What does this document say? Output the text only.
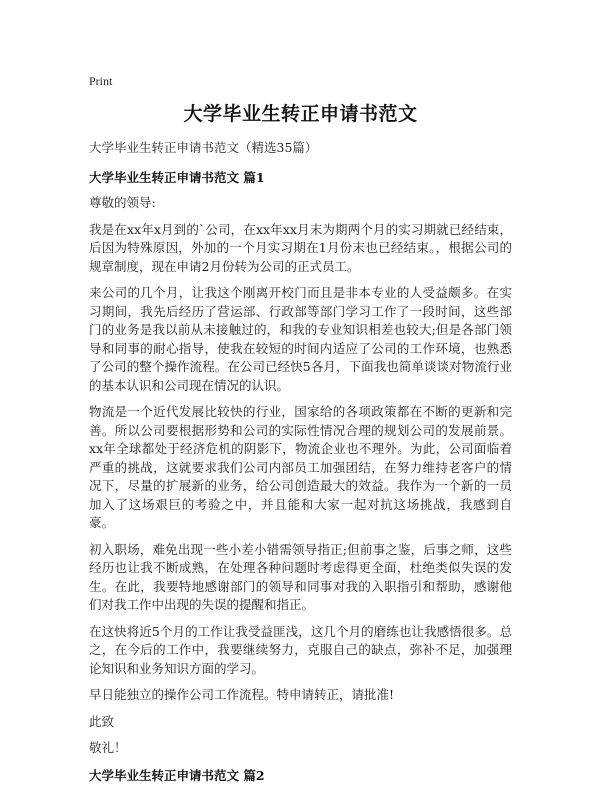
Print
大学毕业生转正申请书范文

大学毕业生转正申请书范文（精选35篇）

大学毕业生转正申请书范文 篇1

尊敬的领导:

我是在xx年x月到的`公司，在xx年xx月末为期两个月的实习期就已经结束，后因为特殊原因，外加的一个月实习期在1月份末也已经结束。，根据公司的规章制度，现在申请2月份转为公司的正式员工。

来公司的几个月，让我这个刚离开校门而且是非本专业的人受益颇多。在实习期间，我先后经历了营运部、行政部等部门学习工作了一段时间，这些部门的业务是我以前从未接触过的，和我的专业知识相差也较大;但是各部门领导和同事的耐心指导，使我在较短的时间内适应了公司的工作环境，也熟悉了公司的整个操作流程。在公司已经快5各月，下面我也简单谈谈对物流行业的基本认识和公司现在情况的认识。

物流是一个近代发展比较快的行业，国家给的各项政策都在不断的更新和完善。所以公司要根据形势和公司的实际性情况合理的规划公司的发展前景。xx年全球都处于经济危机的阴影下，物流企业也不理外。为此，公司面临着严重的挑战，这就要求我们公司内部员工加强团结，在努力维持老客户的情况下，尽量的扩展新的业务，给公司创造最大的效益。我作为一个新的一员加入了这场艰巨的考验之中，并且能和大家一起对抗这场挑战，我感到自豪。

初入职场，难免出现一些小差小错需领导指正;但前事之鉴，后事之师，这些经历也让我不断成熟，在处理各种问题时考虑得更全面，杜绝类似失误的发生。在此，我要特地感谢部门的领导和同事对我的入职指引和帮助，感谢他们对我工作中出现的失误的提醒和指正。

在这快将近5个月的工作让我受益匪浅，这几个月的磨练也让我感悟很多。总之，在今后的工作中，我要继续努力，克服自己的缺点，弥补不足，加强理论知识和业务知识方面的学习。

早日能独立的操作公司工作流程。特申请转正，请批准!

此致

敬礼！

大学毕业生转正申请书范文 篇2
